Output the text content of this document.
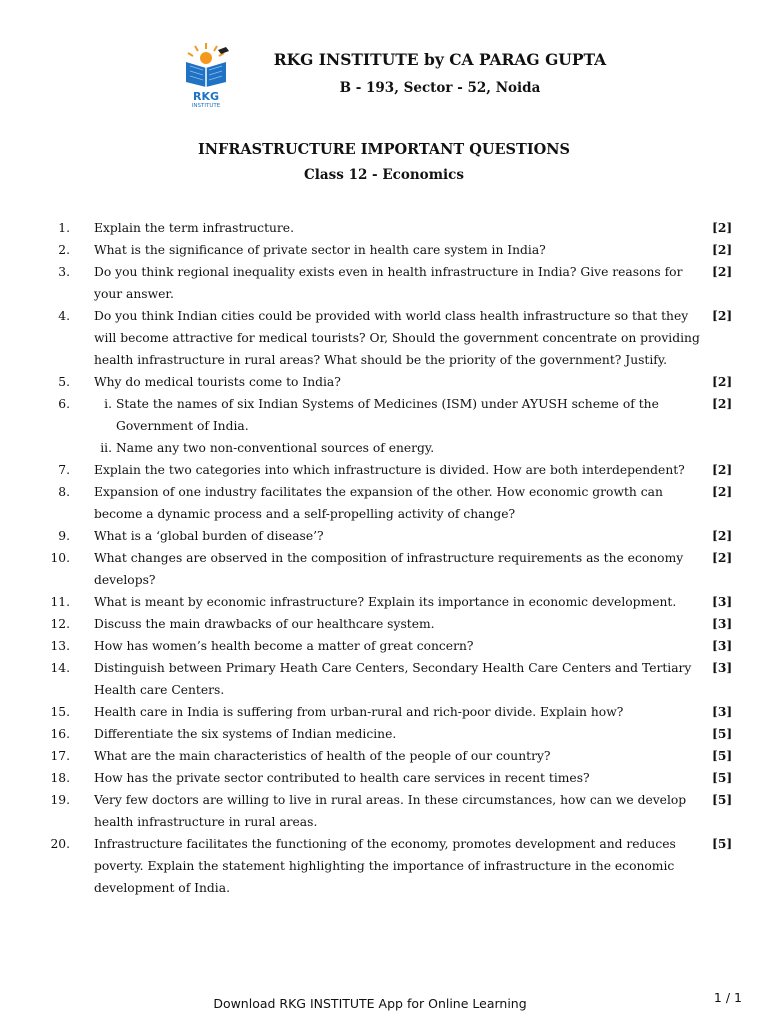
RKG
INSTITUTE
RKG INSTITUTE by CA PARAG GUPTA
B - 193, Sector - 52, Noida
INFRASTRUCTURE IMPORTANT QUESTIONS
Class 12 - Economics
1. Explain the term infrastructure.	[2]
2. What is the significance of private sector in health care system in India?	[2]
3. Do you think regional inequality exists even in health infrastructure in India? Give reasons for your answer.
[2]
4. Do you think Indian cities could be provided with world class health infrastructure so that they will become attractive for medical tourists? Or, Should the government concentrate on providing health infrastructure in rural areas? What should be the priority of the government? Justify.
[2]
5. Why do medical tourists come to India?	[2]
6.	i. State the names of six Indian Systems of Medicines (ISM) under AYUSH scheme of the Government of India.
ii. Name any two non-conventional sources of energy.
[2]
7. Explain the two categories into which infrastructure is divided. How are both interdependent?	[2]
8. Expansion of one industry facilitates the expansion of the other. How economic growth can become a dynamic process and a self-propelling activity of change?
[2]
9. What is a ‘global burden of disease’?	[2]
10. What changes are observed in the composition of infrastructure requirements as the economy develops?
[2]
11. What is meant by economic infrastructure? Explain its importance in economic development.	[3]
12. Discuss the main drawbacks of our healthcare system.	[3]
13. How has women’s health become a matter of great concern?	[3]
14. Distinguish between Primary Heath Care Centers, Secondary Health Care Centers and Tertiary Health care Centers.
[3]
15. Health care in India is suffering from urban-rural and rich-poor divide. Explain how?	[3]
16. Differentiate the six systems of Indian medicine.	[5]
17. What are the main characteristics of health of the people of our country?	[5]
18. How has the private sector contributed to health care services in recent times?	[5]
19. Very few doctors are willing to live in rural areas. In these circumstances, how can we develop health infrastructure in rural areas.
[5]
20. Infrastructure facilitates the functioning of the economy, promotes development and reduces poverty. Explain the statement highlighting the importance of infrastructure in the economic development of India.
[5]
Download RKG INSTITUTE App for Online Learning	1 / 1
